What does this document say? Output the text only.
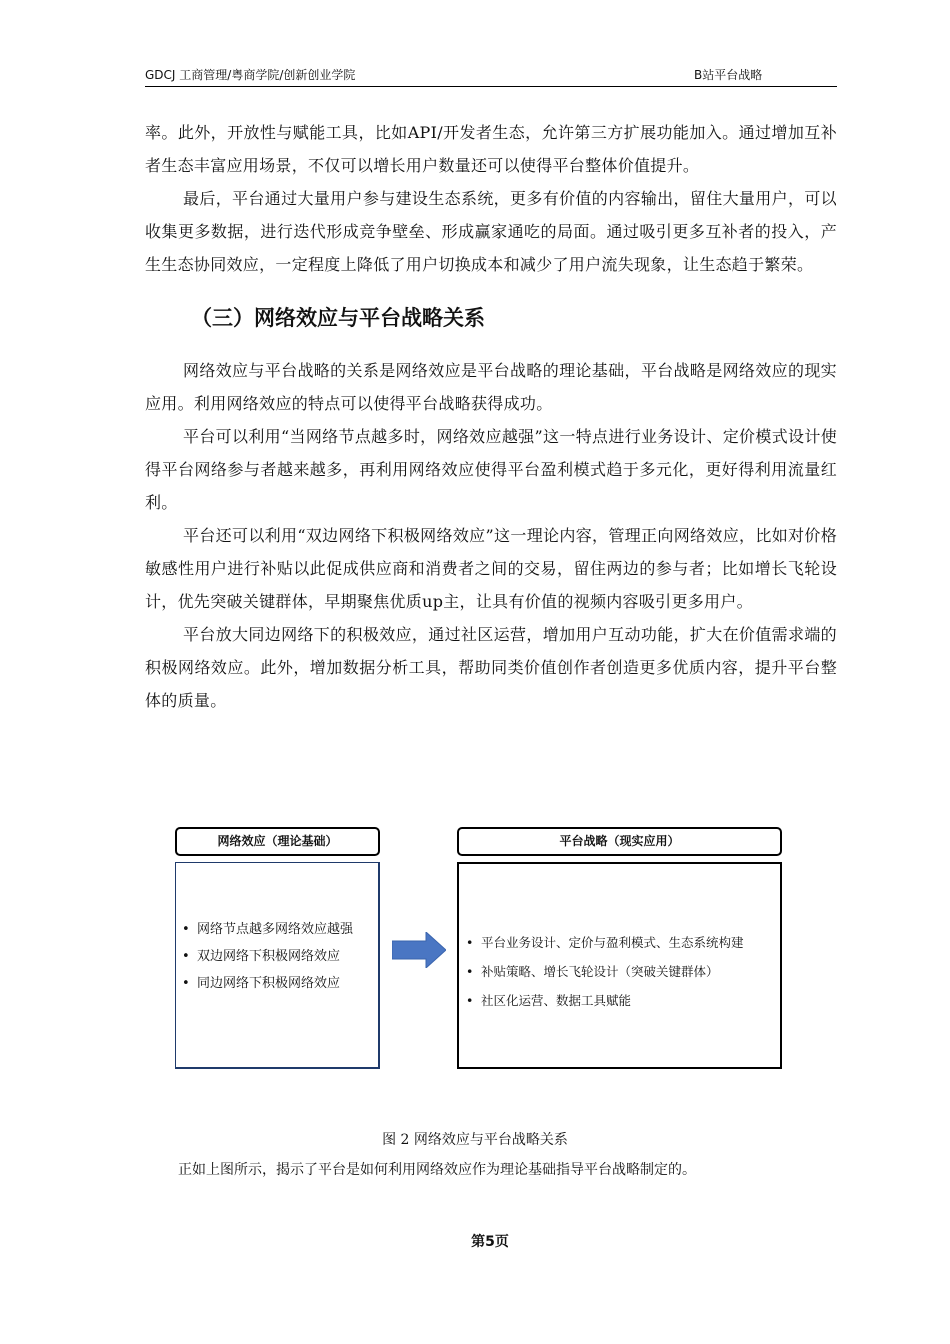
GDCJ 工商管理/粤商学院/创新创业学院	B站平台战略

率。此外，开放性与赋能工具，比如API/开发者生态，允许第三方扩展功能加入。通过增加互补者生态丰富应用场景，不仅可以增长用户数量还可以使得平台整体价值提升。

最后，平台通过大量用户参与建设生态系统，更多有价值的内容输出，留住大量用户，可以收集更多数据，进行迭代形成竞争壁垒、形成赢家通吃的局面。通过吸引更多互补者的投入，产生生态协同效应，一定程度上降低了用户切换成本和减少了用户流失现象，让生态趋于繁荣。

（三）网络效应与平台战略关系

网络效应与平台战略的关系是网络效应是平台战略的理论基础，平台战略是网络效应的现实应用。利用网络效应的特点可以使得平台战略获得成功。

平台可以利用“当网络节点越多时，网络效应越强”这一特点进行业务设计、定价模式设计使得平台网络参与者越来越多，再利用网络效应使得平台盈利模式趋于多元化，更好得利用流量红利。

平台还可以利用“双边网络下积极网络效应”这一理论内容，管理正向网络效应，比如对价格敏感性用户进行补贴以此促成供应商和消费者之间的交易，留住两边的参与者；比如增长飞轮设计，优先突破关键群体，早期聚焦优质up主，让具有价值的视频内容吸引更多用户。

平台放大同边网络下的积极效应，通过社区运营，增加用户互动功能，扩大在价值需求端的积极网络效应。此外，增加数据分析工具，帮助同类价值创作者创造更多优质内容，提升平台整体的质量。

网络效应（理论基础）
• 网络节点越多网络效应越强
• 双边网络下积极网络效应
• 同边网络下积极网络效应
平台战略（现实应用）
• 平台业务设计、定价与盈利模式、生态系统构建
• 补贴策略、增长飞轮设计（突破关键群体）
• 社区化运营、数据工具赋能
图 2 网络效应与平台战略关系
正如上图所示，揭示了平台是如何利用网络效应作为理论基础指导平台战略制定的。
第5页
